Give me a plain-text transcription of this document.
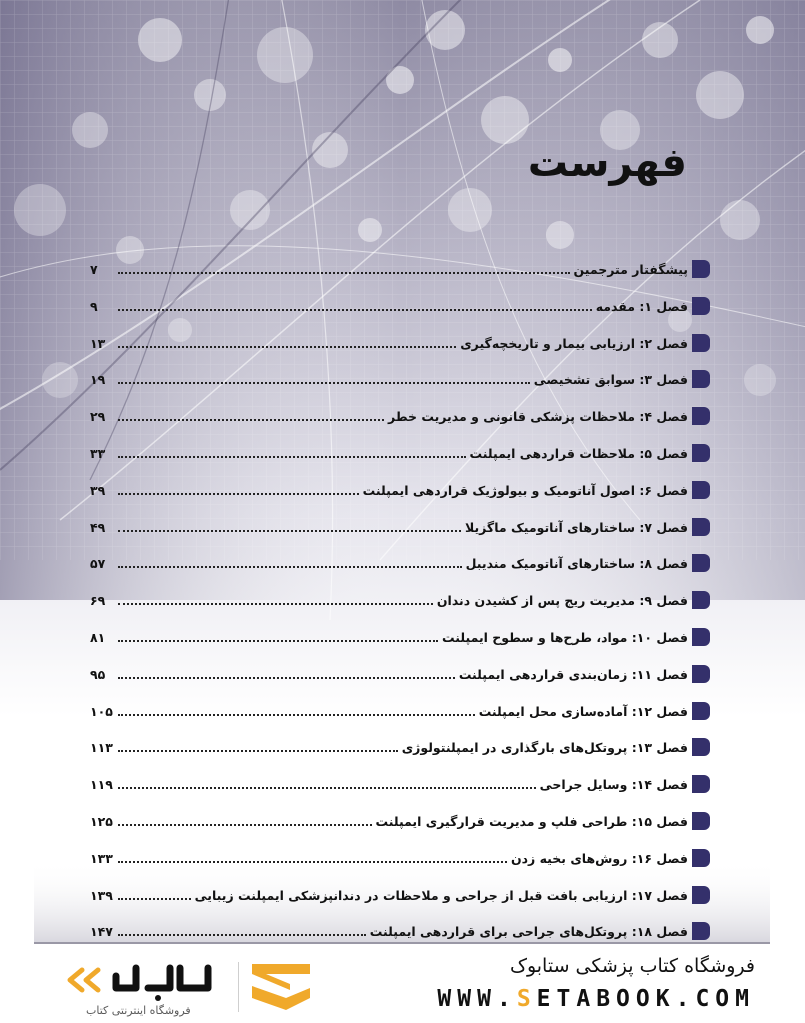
فهرست
پیشگفتار مترجمین
۷
فصل ۱: مقدمه
۹
فصل ۲: ارزیابی بیمار و تاریخچه‌گیری
۱۳
فصل ۳: سوابق تشخیصی
۱۹
فصل ۴: ملاحظات پزشکی قانونی و مدیریت خطر
۲۹
فصل ۵: ملاحظات قراردهی ایمپلنت
۳۳
فصل ۶: اصول آناتومیک و بیولوژیک قراردهی ایمپلنت
۳۹
فصل ۷: ساختارهای آناتومیک ماگزیلا
۴۹
فصل ۸: ساختارهای آناتومیک مندیبل
۵۷
فصل ۹: مدیریت ریج پس از کشیدن دندان
۶۹
فصل ۱۰: مواد، طرح‌ها و سطوح ایمپلنت
۸۱
فصل ۱۱: زمان‌بندی قراردهی ایمپلنت
۹۵
فصل ۱۲: آماده‌سازی محل ایمپلنت
۱۰۵
فصل ۱۳: پروتکل‌های بارگذاری در ایمپلنتولوژی
۱۱۳
فصل ۱۴: وسایل جراحی
۱۱۹
فصل ۱۵: طراحی فلپ و مدیریت قرارگیری ایمپلنت
۱۲۵
فصل ۱۶: روش‌های بخیه زدن
۱۳۳
فصل ۱۷: ارزیابی بافت قبل از جراحی و ملاحظات در دندانپزشکی ایمپلنت زیبایی
۱۳۹
فصل ۱۸: پروتکل‌های جراحی برای قراردهی ایمپلنت
۱۴۷
فروشگاه کتاب پزشکی ستابوک
WWW.SETABOOK.COM
فروشگاه اینترنتی کتاب
